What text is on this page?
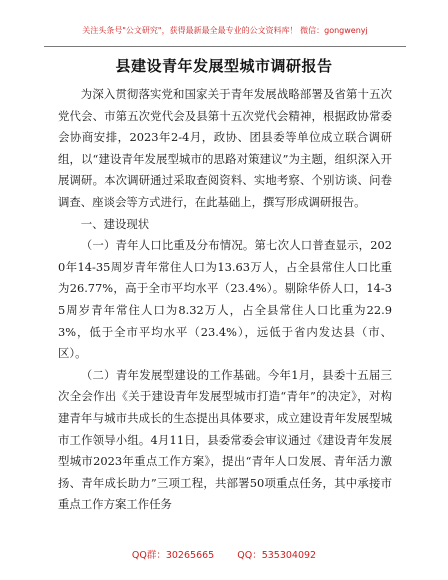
关注头条号"公文研究"，获得最新最全最专业的公文资料库！ 微信：gongwenyj
县建设青年发展型城市调研报告

为深入贯彻落实党和国家关于青年发展战略部署及省第十五次党代会、市第五次党代会及县第十五次党代会精神，根据政协常委会协商安排，2023年2-4月，政协、团县委等单位成立联合调研组，以“建设青年发展型城市的思路对策建议”为主题，组织深入开展调研。本次调研通过采取查阅资料、实地考察、个别访谈、问卷调查、座谈会等方式进行，在此基础上，撰写形成调研报告。

一、建设现状

（一）青年人口比重及分布情况。第七次人口普查显示，2020年14-35周岁青年常住人口为13.63万人，占全县常住人口比重为26.77%，高于全市平均水平（23.4%）。剔除华侨人口，14-35周岁青年常住人口为8.32万人，占全县常住人口比重为22.93%，低于全市平均水平（23.4%），远低于省内发达县（市、区）。

（二）青年发展型建设的工作基础。今年1月，县委十五届三次全会作出《关于建设青年发展型城市打造“青年”的决定》，对构建青年与城市共成长的生态提出具体要求，成立建设青年发展型城市工作领导小组。4月11日，县委常委会审议通过《建设青年发展型城市2023年重点工作方案》，提出“青年人口发展、青年活力激扬、青年成长助力”三项工程，共部署50项重点任务，其中承接市重点工作方案工作任务

QQ群：30265665 QQ：535304092
